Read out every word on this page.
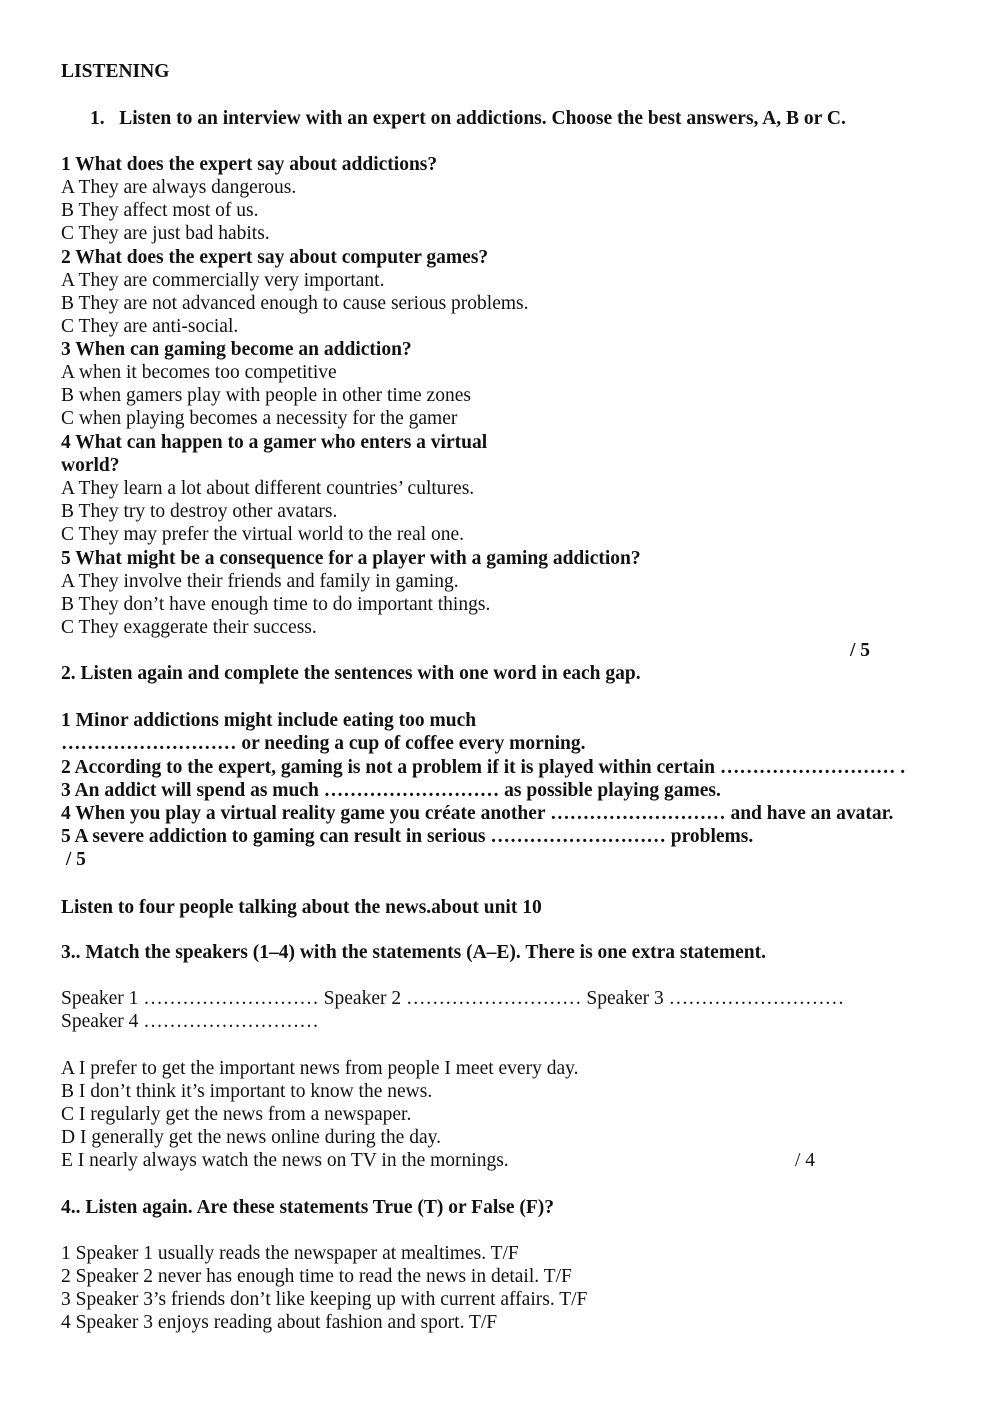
LISTENING
1.   Listen to an interview with an expert on addictions. Choose the best answers, A, B or C.
1 What does the expert say about addictions?
A They are always dangerous.
B They affect most of us.
C They are just bad habits.
2 What does the expert say about computer games?
A They are commercially very important.
B They are not advanced enough to cause serious problems.
C They are anti-social.
3 When can gaming become an addiction?
A when it becomes too competitive
B when gamers play with people in other time zones
C when playing becomes a necessity for the gamer
4 What can happen to a gamer who enters a virtual
world?
A They learn a lot about different countries’ cultures.
B They try to destroy other avatars.
C They may prefer the virtual world to the real one.
5 What might be a consequence for a player with a gaming addiction?
A They involve their friends and family in gaming.
B They don’t have enough time to do important things.
C They exaggerate their success.
/ 5
2. Listen again and complete the sentences with one word in each gap.
1 Minor addictions might include eating too much
……………………… or needing a cup of coffee every morning.
2 According to the expert, gaming is not a problem if it is played within certain ……………………… .
3 An addict will spend as much ……………………… as possible playing games.
4 When you play a virtual reality game you créate another ……………………… and have an avatar.
5 A severe addiction to gaming can result in serious ……………………… problems.
/ 5
Listen to four people talking about the news.about unit 10
3.. Match the speakers (1–4) with the statements (A–E). There is one extra statement.
Speaker 1 ……………………… Speaker 2 ……………………… Speaker 3 ………………………
Speaker 4 ………………………
A I prefer to get the important news from people I meet every day.
B I don’t think it’s important to know the news.
C I regularly get the news from a newspaper.
D I generally get the news online during the day.
E I nearly always watch the news on TV in the mornings.	/ 4
4.. Listen again. Are these statements True (T) or False (F)?
1 Speaker 1 usually reads the newspaper at mealtimes. T/F
2 Speaker 2 never has enough time to read the news in detail. T/F
3 Speaker 3’s friends don’t like keeping up with current affairs. T/F
4 Speaker 3 enjoys reading about fashion and sport. T/F
